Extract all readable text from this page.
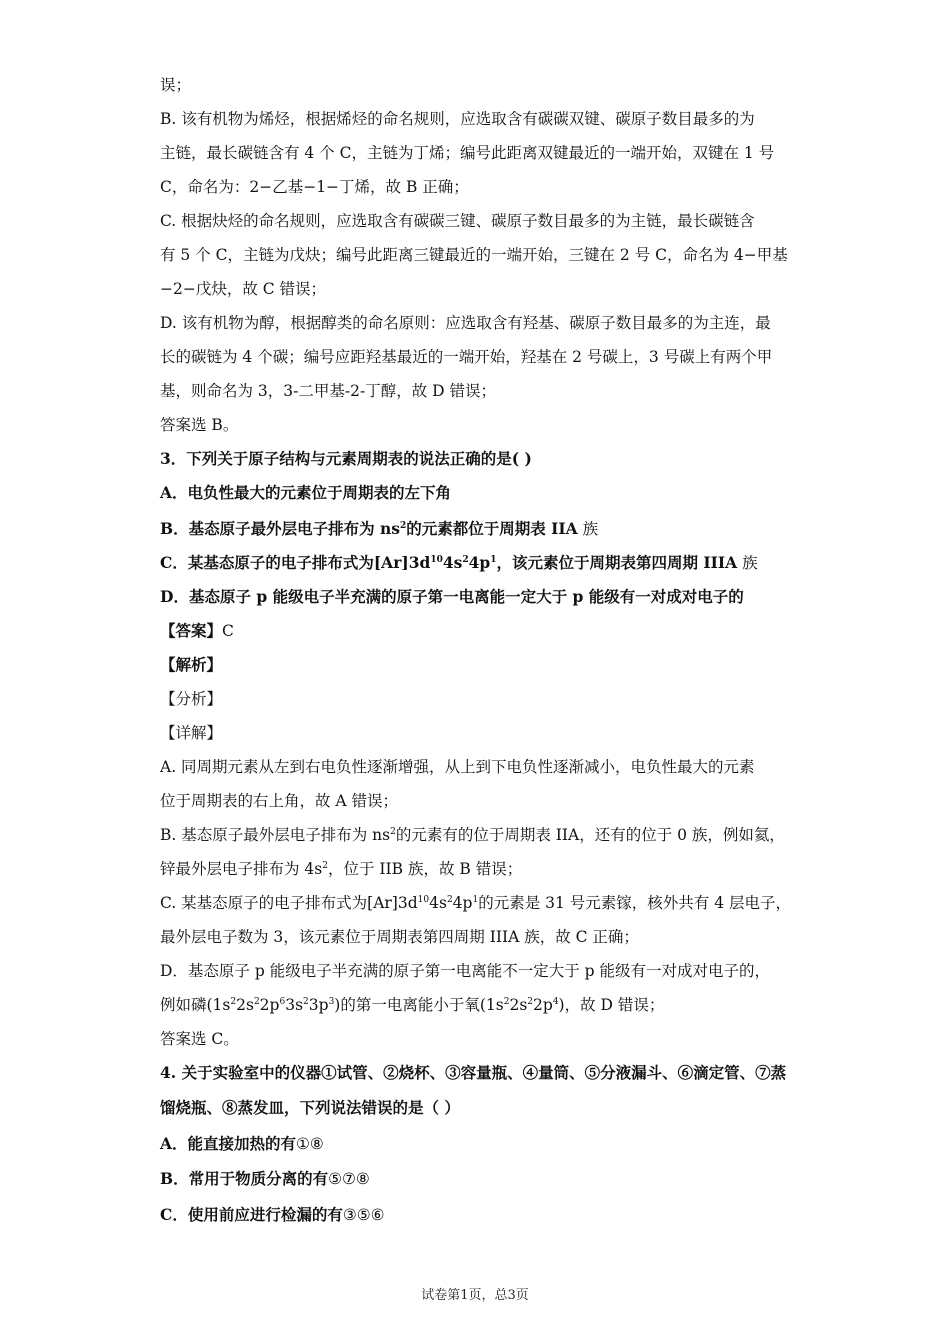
误；

B. 该有机物为烯烃，根据烯烃的命名规则，应选取含有碳碳双键、碳原子数目最多的为

主链，最长碳链含有 4 个 C，主链为丁烯；编号此距离双键最近的一端开始，双键在 1 号

C，命名为：2−乙基−1−丁烯，故 B 正确；

C. 根据炔烃的命名规则，应选取含有碳碳三键、碳原子数目最多的为主链，最长碳链含

有 5 个 C，主链为戊炔；编号此距离三键最近的一端开始，三键在 2 号 C，命名为 4−甲基

−2−戊炔，故 C 错误；

D. 该有机物为醇，根据醇类的命名原则：应选取含有羟基、碳原子数目最多的为主连，最

长的碳链为 4 个碳；编号应距羟基最近的一端开始，羟基在 2 号碳上，3 号碳上有两个甲

基，则命名为 3，3-二甲基-2-丁醇，故 D 错误；

答案选 B。

3．下列关于原子结构与元素周期表的说法正确的是( )

A．电负性最大的元素位于周期表的左下角

B．基态原子最外层电子排布为 $ns^2$的元素都位于周期表 IIA 族

C．某基态原子的电子排布式为$[Ar]3d^{10}4s^24p^1$，该元素位于周期表第四周期 IIIA 族

D．基态原子 p 能级电子半充满的原子第一电离能一定大于 p 能级有一对成对电子的

【答案】C

【解析】

【分析】

【详解】

A. 同周期元素从左到右电负性逐渐增强，从上到下电负性逐渐减小，电负性最大的元素

位于周期表的右上角，故 A 错误；

B. 基态原子最外层电子排布为 $ns^2$的元素有的位于周期表 IIA，还有的位于 0 族，例如氦，

锌最外层电子排布为 $4s^2$，位于 IIB 族，故 B 错误；

C. 某基态原子的电子排布式为$[Ar]3d^{10}4s^24p^1$的元素是 31 号元素镓，核外共有 4 层电子，

最外层电子数为 3，该元素位于周期表第四周期 IIIA 族，故 C 正确；

D．基态原子 p 能级电子半充满的原子第一电离能不一定大于 p 能级有一对成对电子的，

例如磷$(1s^22s^22p^63s^23p^3)$的第一电离能小于氧$(1s^22s^22p^4)$，故 D 错误；

答案选 C。

4. 关于实验室中的仪器①试管、②烧杯、③容量瓶、④量筒、⑤分液漏斗、⑥滴定管、⑦蒸

馏烧瓶、⑧蒸发皿，下列说法错误的是（ ）

A．能直接加热的有①⑧

B．常用于物质分离的有⑤⑦⑧

C．使用前应进行检漏的有③⑤⑥

试卷第1页，总3页
